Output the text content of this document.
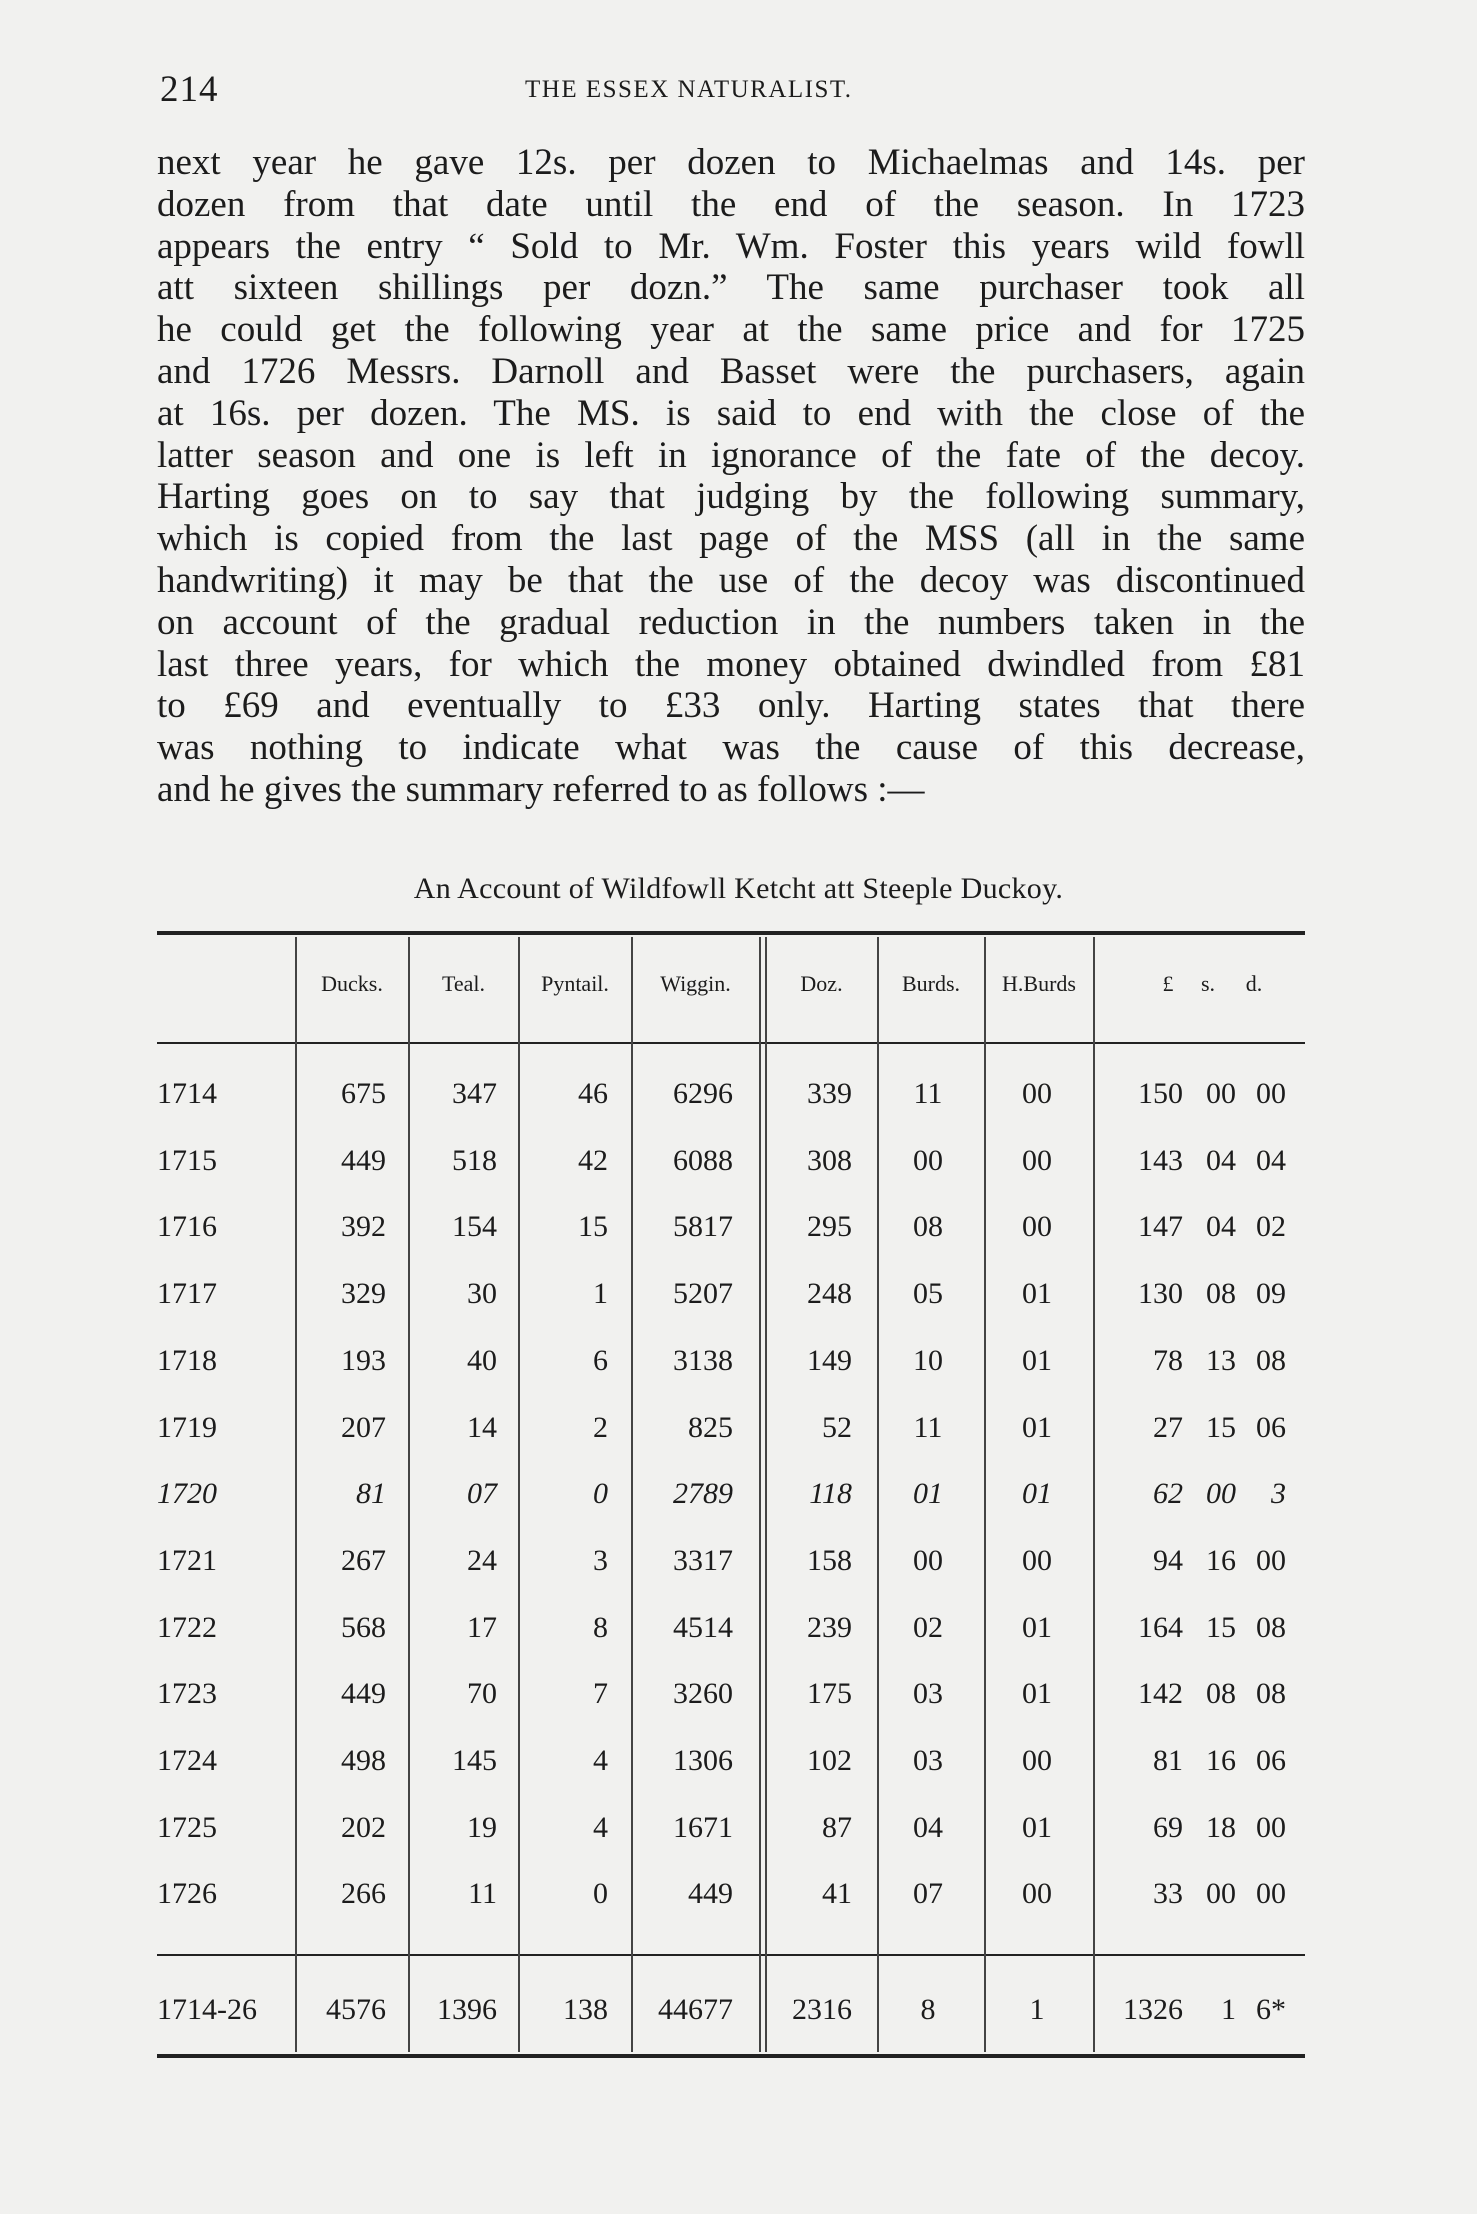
214	THE ESSEX NATURALIST.

next year he gave 12s. per dozen to Michaelmas and 14s. per

dozen from that date until the end of the season. In 1723

appears the entry “ Sold to Mr. Wm. Foster this years wild fowll

att sixteen shillings per dozn.” The same purchaser took all

he could get the following year at the same price and for 1725

and 1726 Messrs. Darnoll and Basset were the purchasers, again

at 16s. per dozen. The MS. is said to end with the close of the

latter season and one is left in ignorance of the fate of the decoy.

Harting goes on to say that judging by the following summary,

which is copied from the last page of the MSS (all in the same

handwriting) it may be that the use of the decoy was discontinued

on account of the gradual reduction in the numbers taken in the

last three years, for which the money obtained dwindled from £81

to £69 and eventually to £33 only. Harting states that there

was nothing to indicate what was the cause of this decrease,

and he gives the summary referred to as follows :—

An Account of Wildfowll Ketcht att Steeple Duckoy.
Ducks.	Teal.	Pyntail.	Wiggin.	Doz.	Burds.	H.Burds	£	s.	d.
1714	675	347	46	6296	339	11	00	150 00 00
1715	449	518	42	6088	308	00	00	143 04 04
1716	392	154	15	5817	295	08	00	147 04 02
1717	329	30	1	5207	248	05	01	130 08 09
1718	193	40	6	3138	149	10	01	78 13 08
1719	207	14	2	825	52	11	01	27 15 06
1720	81	07	0	2789	118	01	01	62 00	3
1721	267	24	3	3317	158	00	00	94 16 00
1722	568	17	8	4514	239	02	01	164 15 08
1723	449	70	7	3260	175	03	01	142 08 08
1724	498	145	4	1306	102	03	00	81 16 06
1725	202	19	4	1671	87	04	01	69 18 00
1726	266	11	0	449	41	07	00	33 00 00
1714-26	4576	1396	138	44677	2316	8	1	1326	1 6*
